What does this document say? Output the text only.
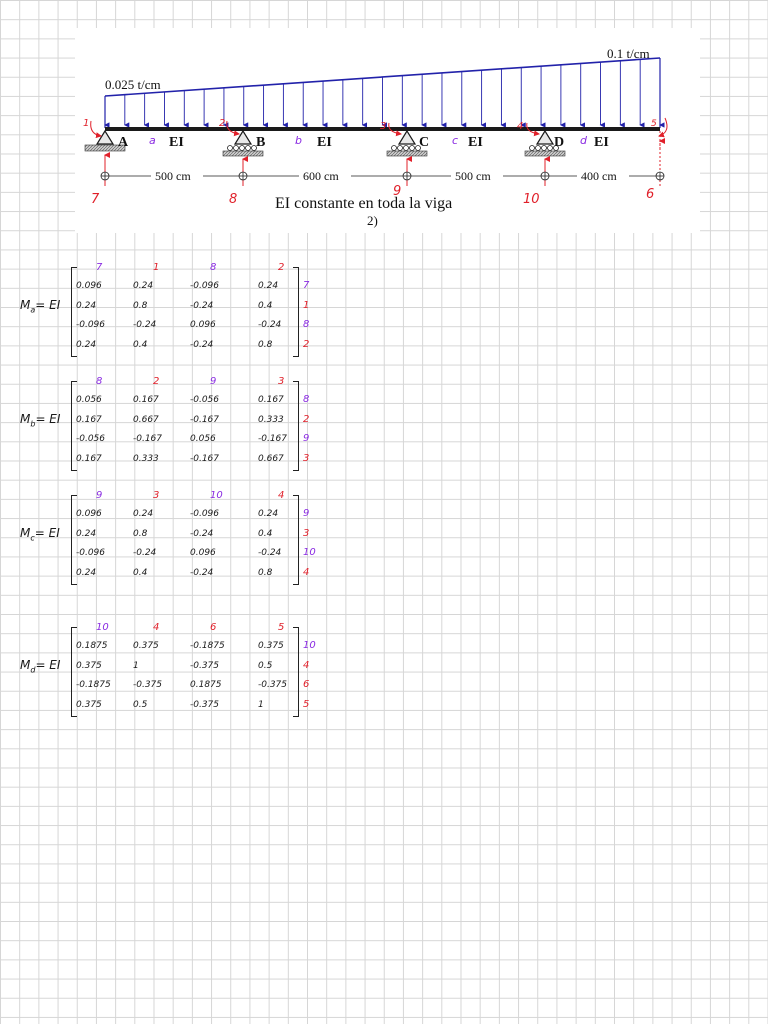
0.025 t/cm
0.1 t/cm
A	B	C	D
EI	EI	EI	EI
a	b	c	d
1	2	3	4	5
500 cm	600 cm	500 cm	400 cm
7	8
9
10	6
EI constante en toda la viga
2)
$M_a=$ EI
7	1	8	2
7
1
8
2
0.096	0.24	-0.096	0.24
0.24	0.8	-0.24	0.4
-0.096	-0.24	0.096	-0.24
0.24	0.4	-0.24	0.8
$M_b=$ EI
8	2	9	3
8
2
9
3
0.056	0.167	-0.056	0.167
0.167	0.667	-0.167	0.333
-0.056	-0.167	0.056	-0.167
0.167	0.333	-0.167	0.667
$M_c=$ EI
9	3	10	4
9
3
10
4
0.096	0.24	-0.096	0.24
0.24	0.8	-0.24	0.4
-0.096	-0.24	0.096	-0.24
0.24	0.4	-0.24	0.8
$M_d=$ EI
10	4	6	5
10
4
6
5
0.1875	0.375	-0.1875	0.375
0.375	1	-0.375	0.5
-0.1875 -0.375	0.1875	-0.375
0.375	0.5	-0.375	1
